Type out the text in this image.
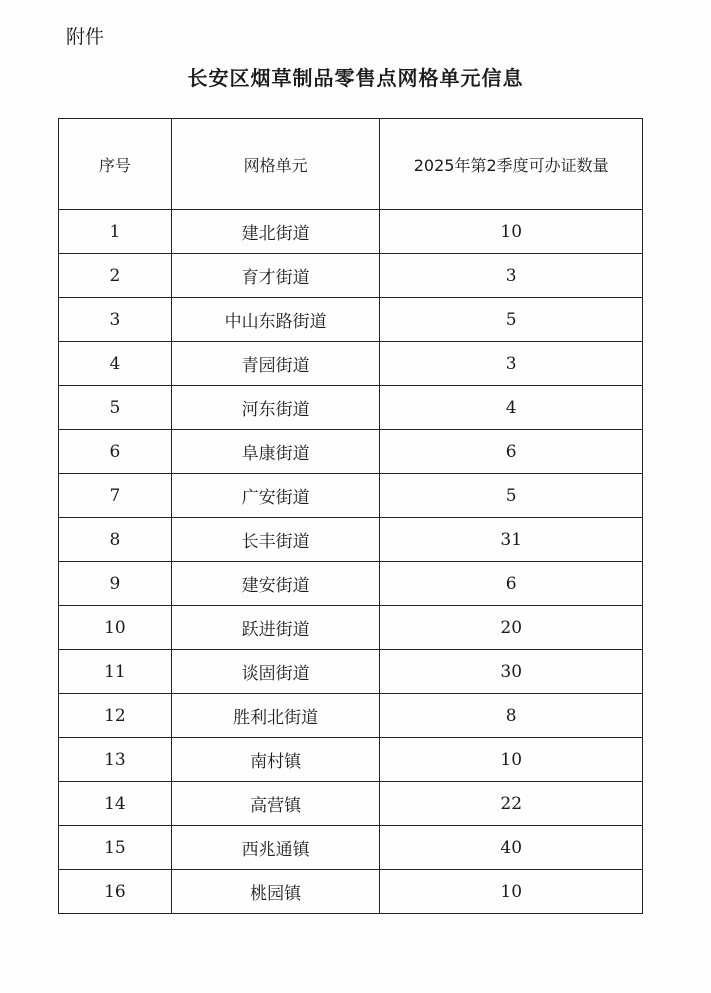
附件
长安区烟草制品零售点网格单元信息
序号	网格单元	2025年第2季度可办证数量
1	建北街道	10
2	育才街道	3
3	中山东路街道	5
4	青园街道	3
5	河东街道	4
6	阜康街道	6
7	广安街道	5
8	长丰街道	31
9	建安街道	6
10	跃进街道	20
11	谈固街道	30
12	胜利北街道	8
13	南村镇	10
14	高营镇	22
15	西兆通镇	40
16	桃园镇	10
